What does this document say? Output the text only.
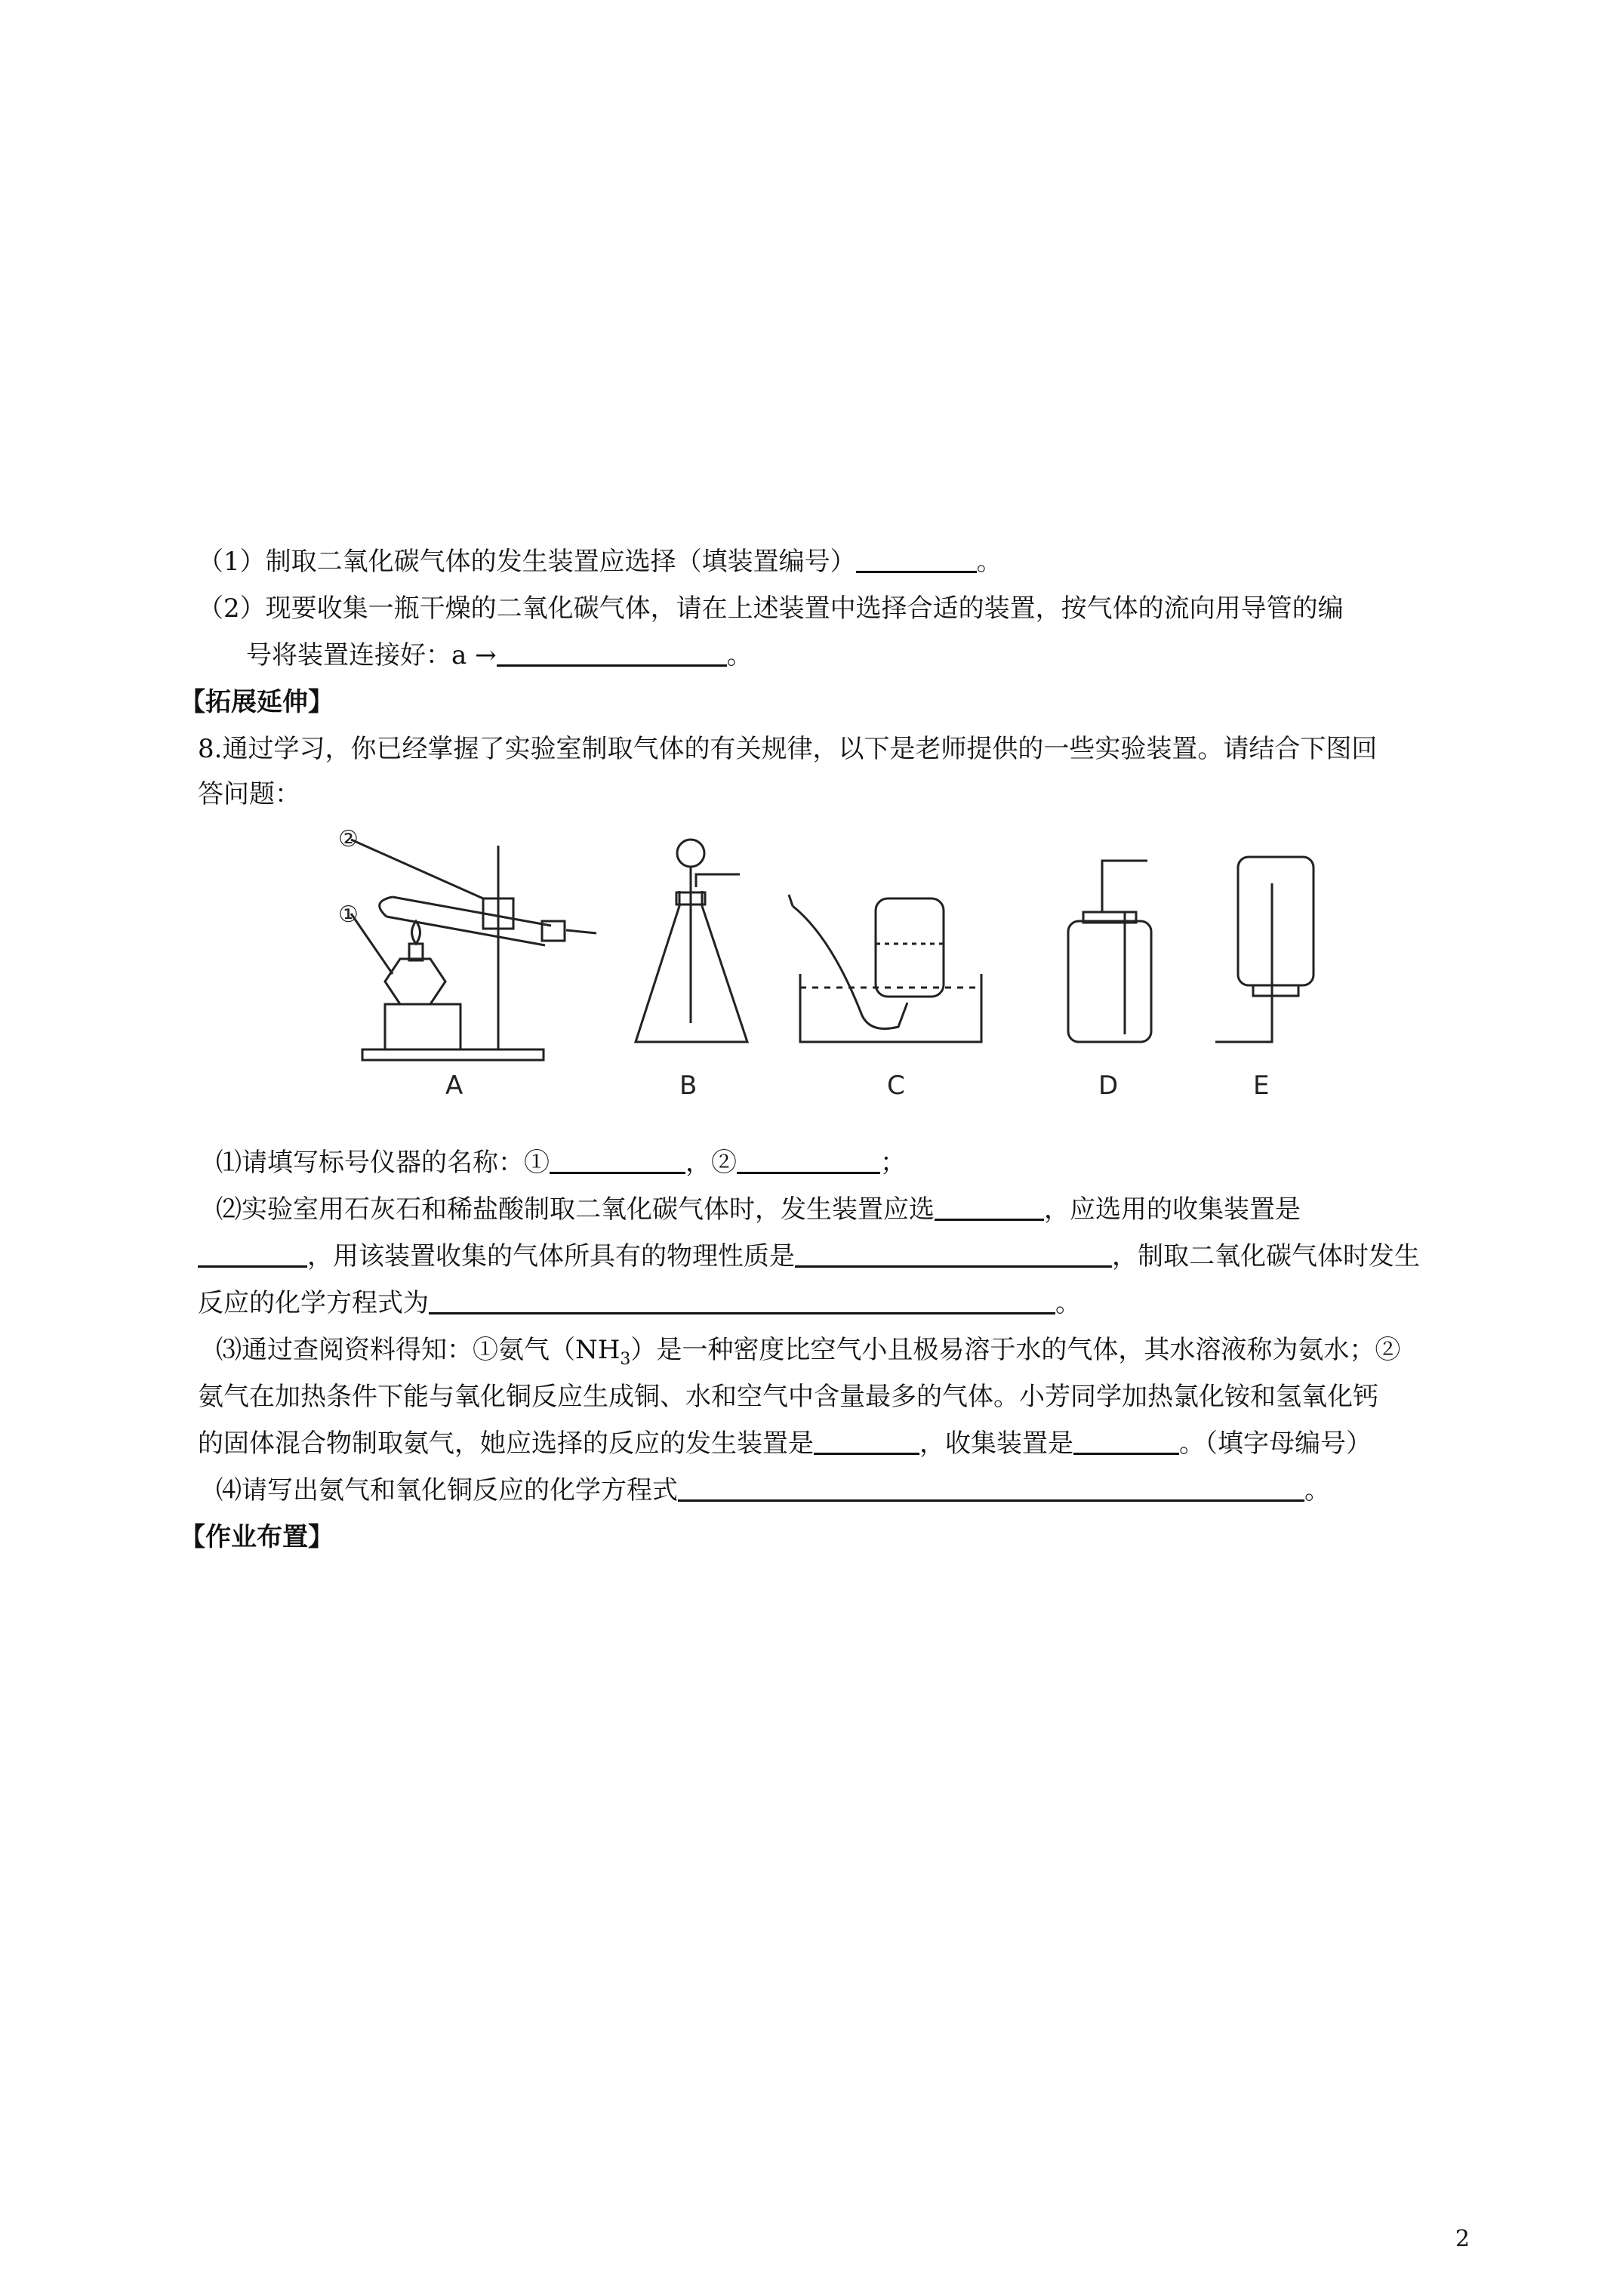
（1）制取二氧化碳气体的发生装置应选择（填装置编号）	。
（2）现要收集一瓶干燥的二氧化碳气体，请在上述装置中选择合适的装置，按气体的流向用导管的编
号将装置连接好：a →	。
【拓展延伸】
8.通过学习，你已经掌握了实验室制取气体的有关规律，以下是老师提供的一些实验装置。请结合下图回
答问题：
②
①
A	B	C	D	E
⑴请填写标号仪器的名称：①	，②	；
⑵实验室用石灰石和稀盐酸制取二氧化碳气体时，发生装置应选	，应选用的收集装置是
，用该装置收集的气体所具有的物理性质是	，制取二氧化碳气体时发生
反应的化学方程式为	。
⑶通过查阅资料得知：①氨气$(NH_3)$是一种密度比空气小且极易溶于水的气体，其水溶液称为氨水；②
氨气在加热条件下能与氧化铜反应生成铜、水和空气中含量最多的气体。小芳同学加热氯化铵和氢氧化钙
的固体混合物制取氨气，她应选择的反应的发生装置是	，收集装置是	。（填字母编号）
⑷请写出氨气和氧化铜反应的化学方程式	。
【作业布置】
2
